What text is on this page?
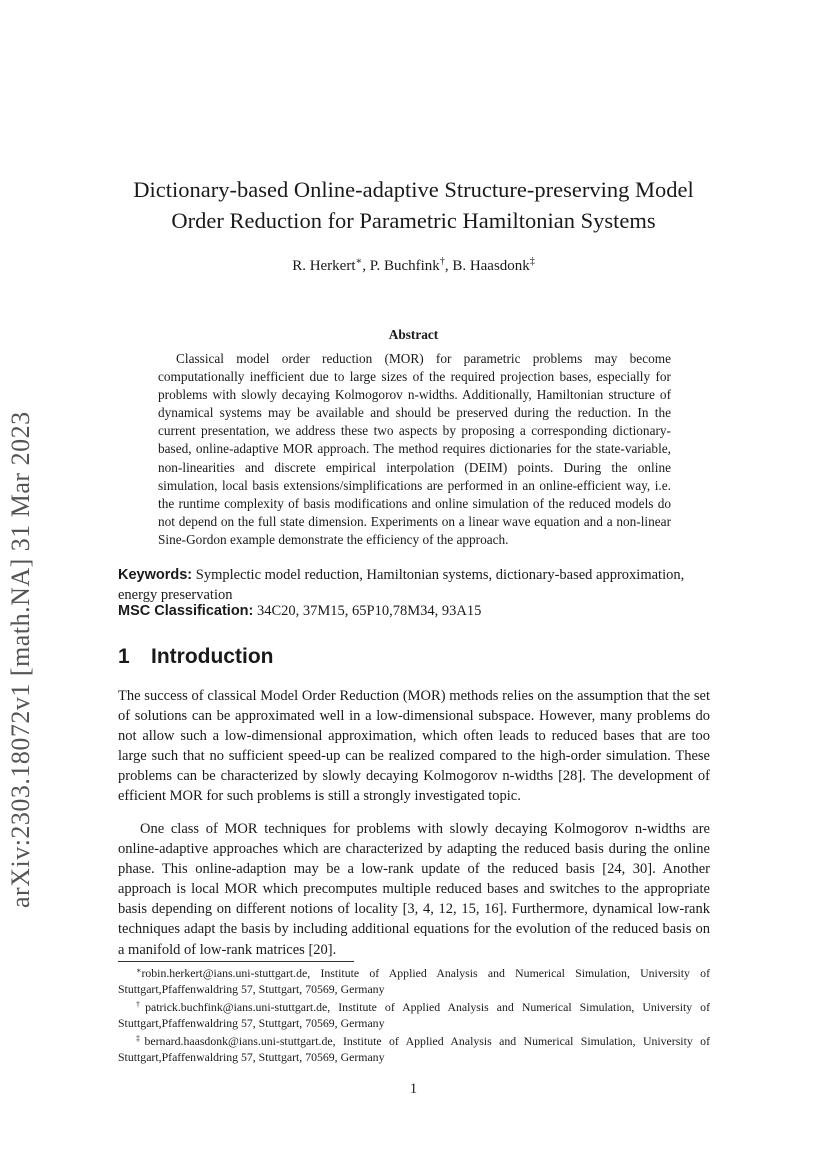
arXiv:2303.18072v1 [math.NA] 31 Mar 2023
Dictionary-based Online-adaptive Structure-preserving Model
Order Reduction for Parametric Hamiltonian Systems
R. Herkert∗, P. Buchfink†, B. Haasdonk‡
Abstract

Classical model order reduction (MOR) for parametric problems may become computationally inefficient due to large sizes of the required projection bases, especially for problems with slowly decaying Kolmogorov n-widths. Additionally, Hamiltonian structure of dynamical systems may be available and should be preserved during the reduction. In the current presentation, we address these two aspects by proposing a corresponding dictionary-based, online-adaptive MOR approach. The method requires dictionaries for the state-variable, non-linearities and discrete empirical interpolation (DEIM) points. During the online simulation, local basis extensions/simplifications are performed in an online-efficient way, i.e. the runtime complexity of basis modifications and online simulation of the reduced models do not depend on the full state dimension. Experiments on a linear wave equation and a non-linear Sine-Gordon example demonstrate the efficiency of the approach.

Keywords: Symplectic model reduction, Hamiltonian systems, dictionary-based approximation, energy preservation

MSC Classification: 34C20, 37M15, 65P10,78M34, 93A15

1 Introduction

The success of classical Model Order Reduction (MOR) methods relies on the assumption that the set of solutions can be approximated well in a low-dimensional subspace. However, many problems do not allow such a low-dimensional approximation, which often leads to reduced bases that are too large such that no sufficient speed-up can be realized compared to the high-order simulation. These problems can be characterized by slowly decaying Kolmogorov n-widths [28]. The development of efficient MOR for such problems is still a strongly investigated topic.

One class of MOR techniques for problems with slowly decaying Kolmogorov n-widths are online-adaptive approaches which are characterized by adapting the reduced basis during the online phase. This online-adaption may be a low-rank update of the reduced basis [24, 30]. Another approach is local MOR which precomputes multiple reduced bases and switches to the appropriate basis depending on different notions of locality [3, 4, 12, 15, 16]. Furthermore, dynamical low-rank techniques adapt the basis by including additional equations for the evolution of the reduced basis on a manifold of low-rank matrices [20].

∗robin.herkert@ians.uni-stuttgart.de, Institute of Applied Analysis and Numerical Simulation, University of Stuttgart,Pfaffenwaldring 57, Stuttgart, 70569, Germany

†patrick.buchfink@ians.uni-stuttgart.de, Institute of Applied Analysis and Numerical Simulation, University of Stuttgart,Pfaffenwaldring 57, Stuttgart, 70569, Germany

‡bernard.haasdonk@ians.uni-stuttgart.de, Institute of Applied Analysis and Numerical Simulation, University of Stuttgart,Pfaffenwaldring 57, Stuttgart, 70569, Germany

1
